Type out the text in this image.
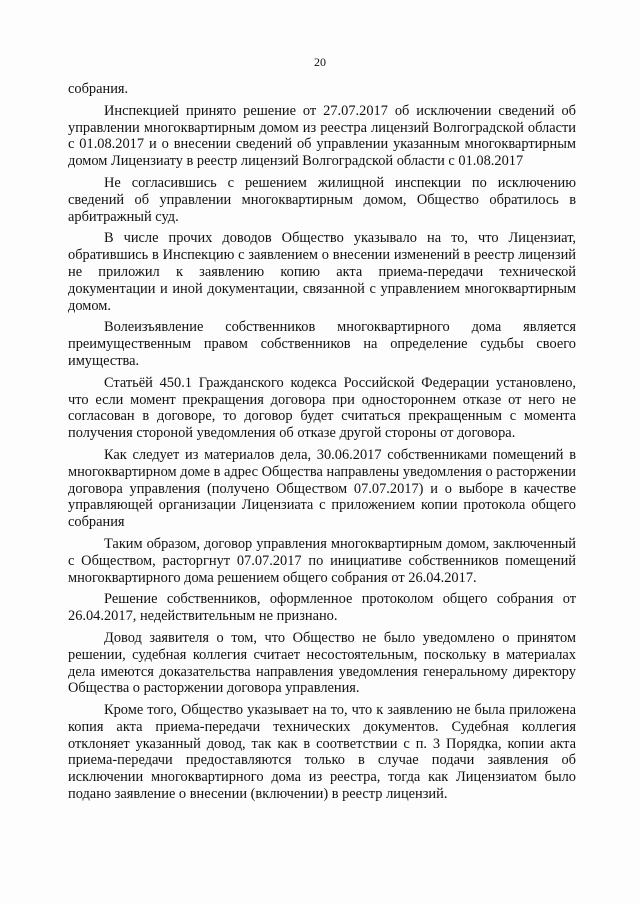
20

собрания.

Инспекцией принято решение от 27.07.2017 об исключении сведений об управлении многоквартирным домом из реестра лицензий Волгоградской области с 01.08.2017 и о внесении сведений об управлении указанным многоквартирным домом Лицензиату в реестр лицензий Волгоградской области с 01.08.2017

Не согласившись с решением жилищной инспекции по исключению сведений об управлении многоквартирным домом, Общество обратилось в арбитражный суд.

В числе прочих доводов Общество указывало на то, что Лицензиат, обратившись в Инспекцию с заявлением о внесении изменений в реестр лицензий не приложил к заявлению копию акта приема-передачи технической документации и иной документации, связанной с управлением многоквартирным домом.

Волеизъявление собственников многоквартирного дома является преимущественным правом собственников на определение судьбы своего имущества.

Статьёй 450.1 Гражданского кодекса Российской Федерации установлено, что если момент прекращения договора при одностороннем отказе от него не согласован в договоре, то договор будет считаться прекращенным с момента получения стороной уведомления об отказе другой стороны от договора.

Как следует из материалов дела, 30.06.2017 собственниками помещений в многоквартирном доме в адрес Общества направлены уведомления о расторжении договора управления (получено Обществом 07.07.2017) и о выборе в качестве управляющей организации Лицензиата с приложением копии протокола общего собрания

Таким образом, договор управления многоквартирным домом, заключенный с Обществом, расторгнут 07.07.2017 по инициативе собственников помещений многоквартирного дома решением общего собрания от 26.04.2017.

Решение собственников, оформленное протоколом общего собрания от 26.04.2017, недействительным не признано.

Довод заявителя о том, что Общество не было уведомлено о принятом решении, судебная коллегия считает несостоятельным, поскольку в материалах дела имеются доказательства направления уведомления генеральному директору Общества о расторжении договора управления.

Кроме того, Общество указывает на то, что к заявлению не была приложена копия акта приема-передачи технических документов. Судебная коллегия отклоняет указанный довод, так как в соответствии с п. 3 Порядка, копии акта приема-передачи предоставляются только в случае подачи заявления об исключении многоквартирного дома из реестра, тогда как Лицензиатом было подано заявление о внесении (включении) в реестр лицензий.
